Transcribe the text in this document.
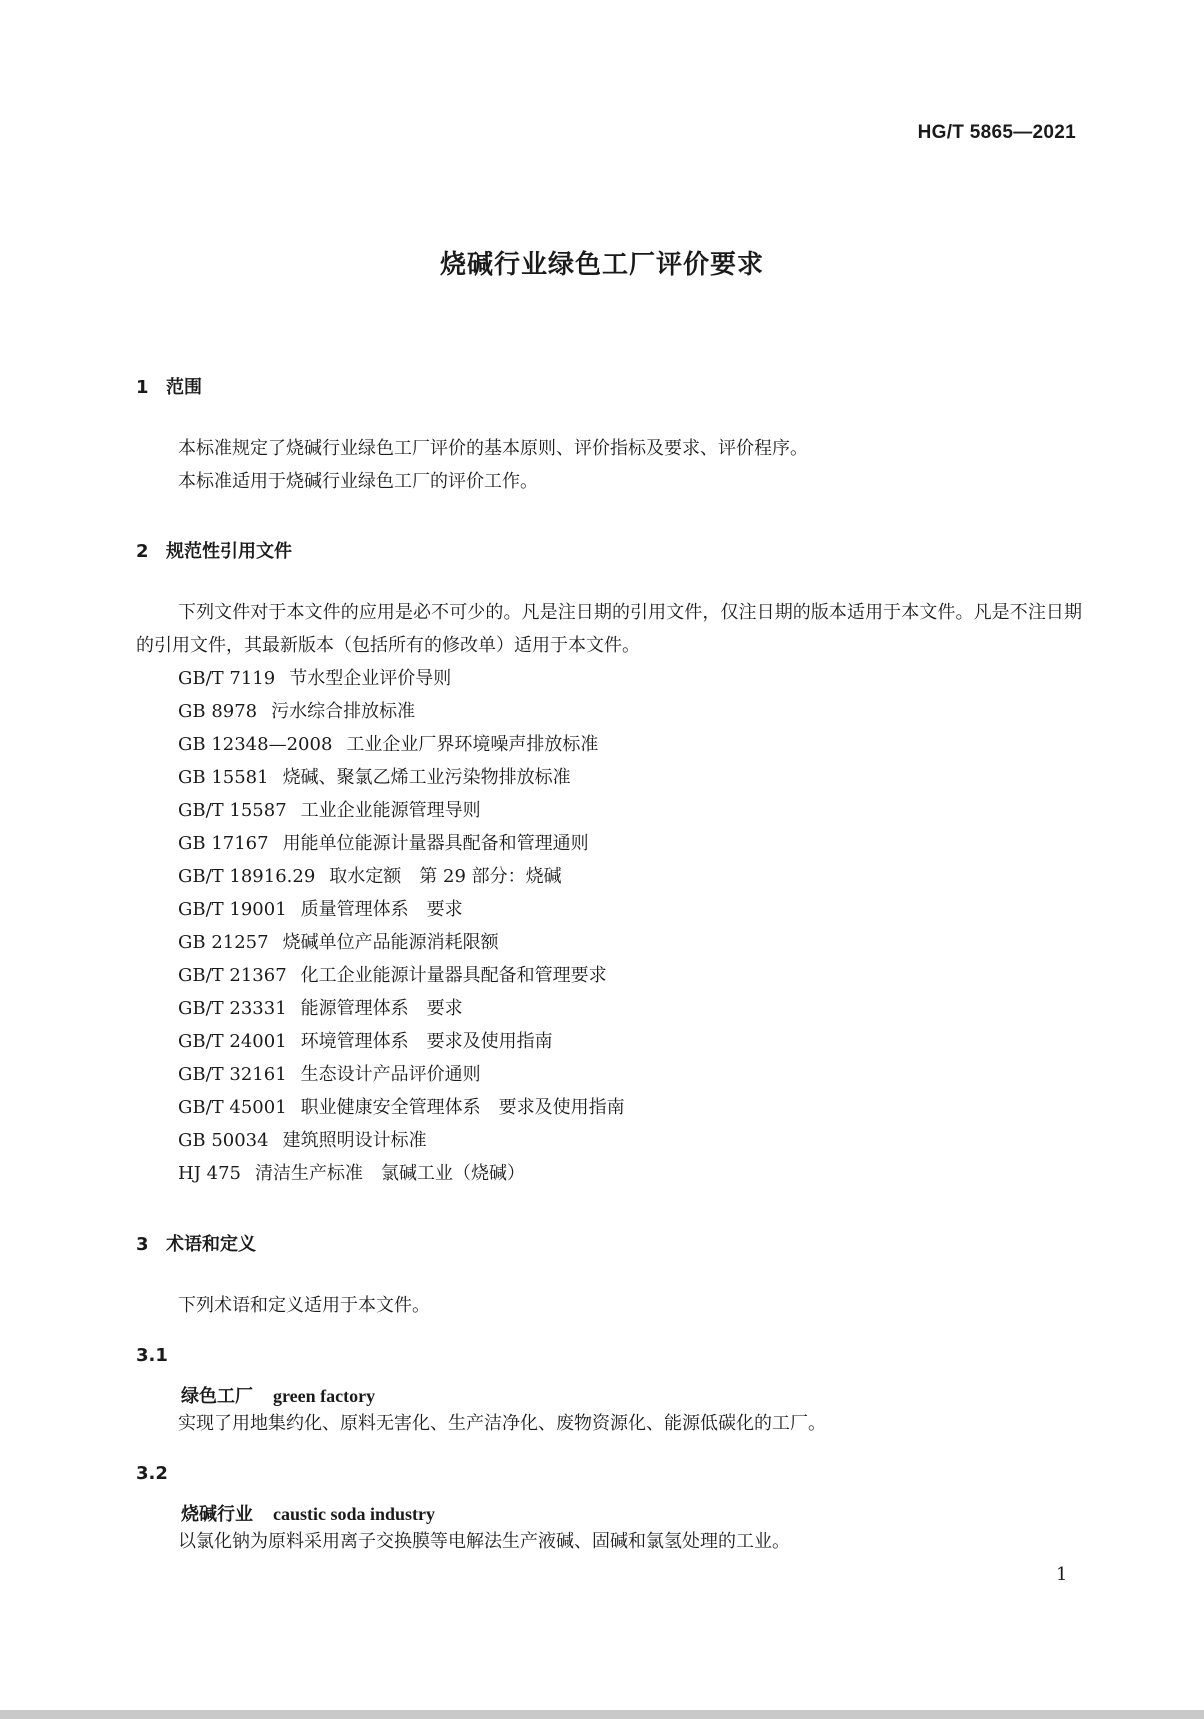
HG/T 5865—2021
烧碱行业绿色工厂评价要求
1 范围
本标准规定了烧碱行业绿色工厂评价的基本原则、评价指标及要求、评价程序。
本标准适用于烧碱行业绿色工厂的评价工作。
2 规范性引用文件
下列文件对于本文件的应用是必不可少的。凡是注日期的引用文件，仅注日期的版本适用于本文件。凡是不注日期的引用文件，其最新版本（包括所有的修改单）适用于本文件。
GB/T 7119 节水型企业评价导则
GB 8978 污水综合排放标准
GB 12348—2008 工业企业厂界环境噪声排放标准
GB 15581 烧碱、聚氯乙烯工业污染物排放标准
GB/T 15587 工业企业能源管理导则
GB 17167 用能单位能源计量器具配备和管理通则
GB/T 18916.29 取水定额　第 29 部分：烧碱
GB/T 19001 质量管理体系　要求
GB 21257 烧碱单位产品能源消耗限额
GB/T 21367 化工企业能源计量器具配备和管理要求
GB/T 23331 能源管理体系　要求
GB/T 24001 环境管理体系　要求及使用指南
GB/T 32161 生态设计产品评价通则
GB/T 45001 职业健康安全管理体系　要求及使用指南
GB 50034 建筑照明设计标准
HJ 475 清洁生产标准　氯碱工业（烧碱）
3 术语和定义
下列术语和定义适用于本文件。
3.1
绿色工厂 green factory
实现了用地集约化、原料无害化、生产洁净化、废物资源化、能源低碳化的工厂。
3.2
烧碱行业 caustic soda industry
以氯化钠为原料采用离子交换膜等电解法生产液碱、固碱和氯氢处理的工业。
1
